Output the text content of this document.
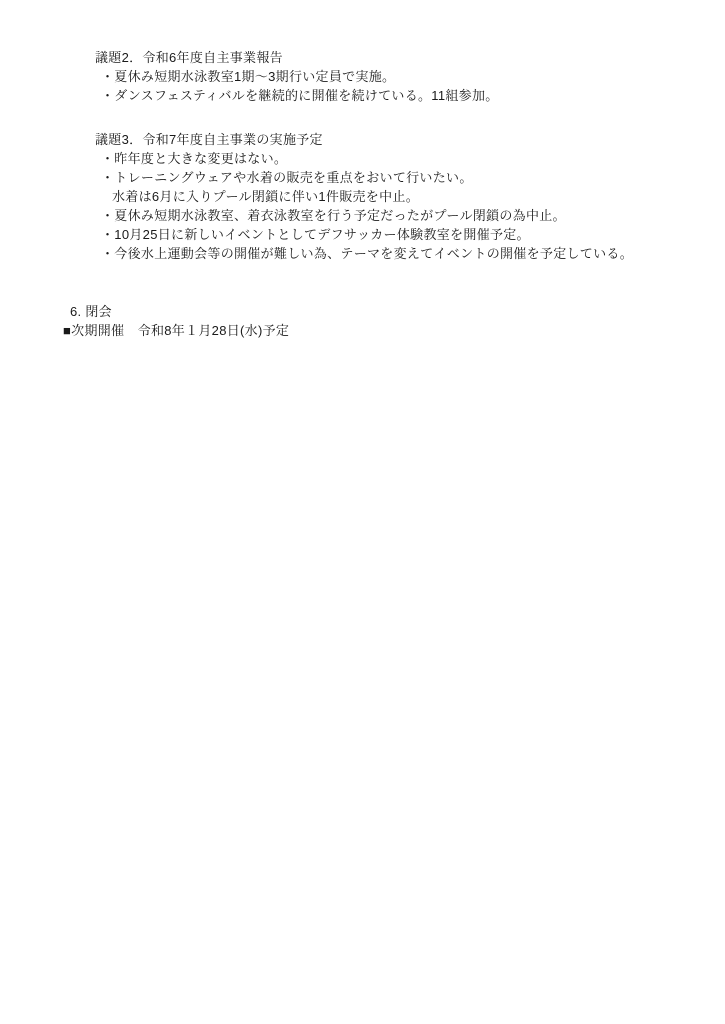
議題2．令和6年度自主事業報告

・夏休み短期水泳教室1期～3期行い定員で実施。

・ダンスフェスティバルを継続的に開催を続けている。11組参加。

議題3．令和7年度自主事業の実施予定

・昨年度と大きな変更はない。

・トレーニングウェアや水着の販売を重点をおいて行いたい。

水着は6月に入りプール閉鎖に伴い1件販売を中止。

・夏休み短期水泳教室、着衣泳教室を行う予定だったがプール閉鎖の為中止。

・10月25日に新しいイベントとしてデフサッカー体験教室を開催予定。

・今後水上運動会等の開催が難しい為、テーマを変えてイベントの開催を予定している。

6. 閉会

■次期開催　令和8年１月28日(水)予定
